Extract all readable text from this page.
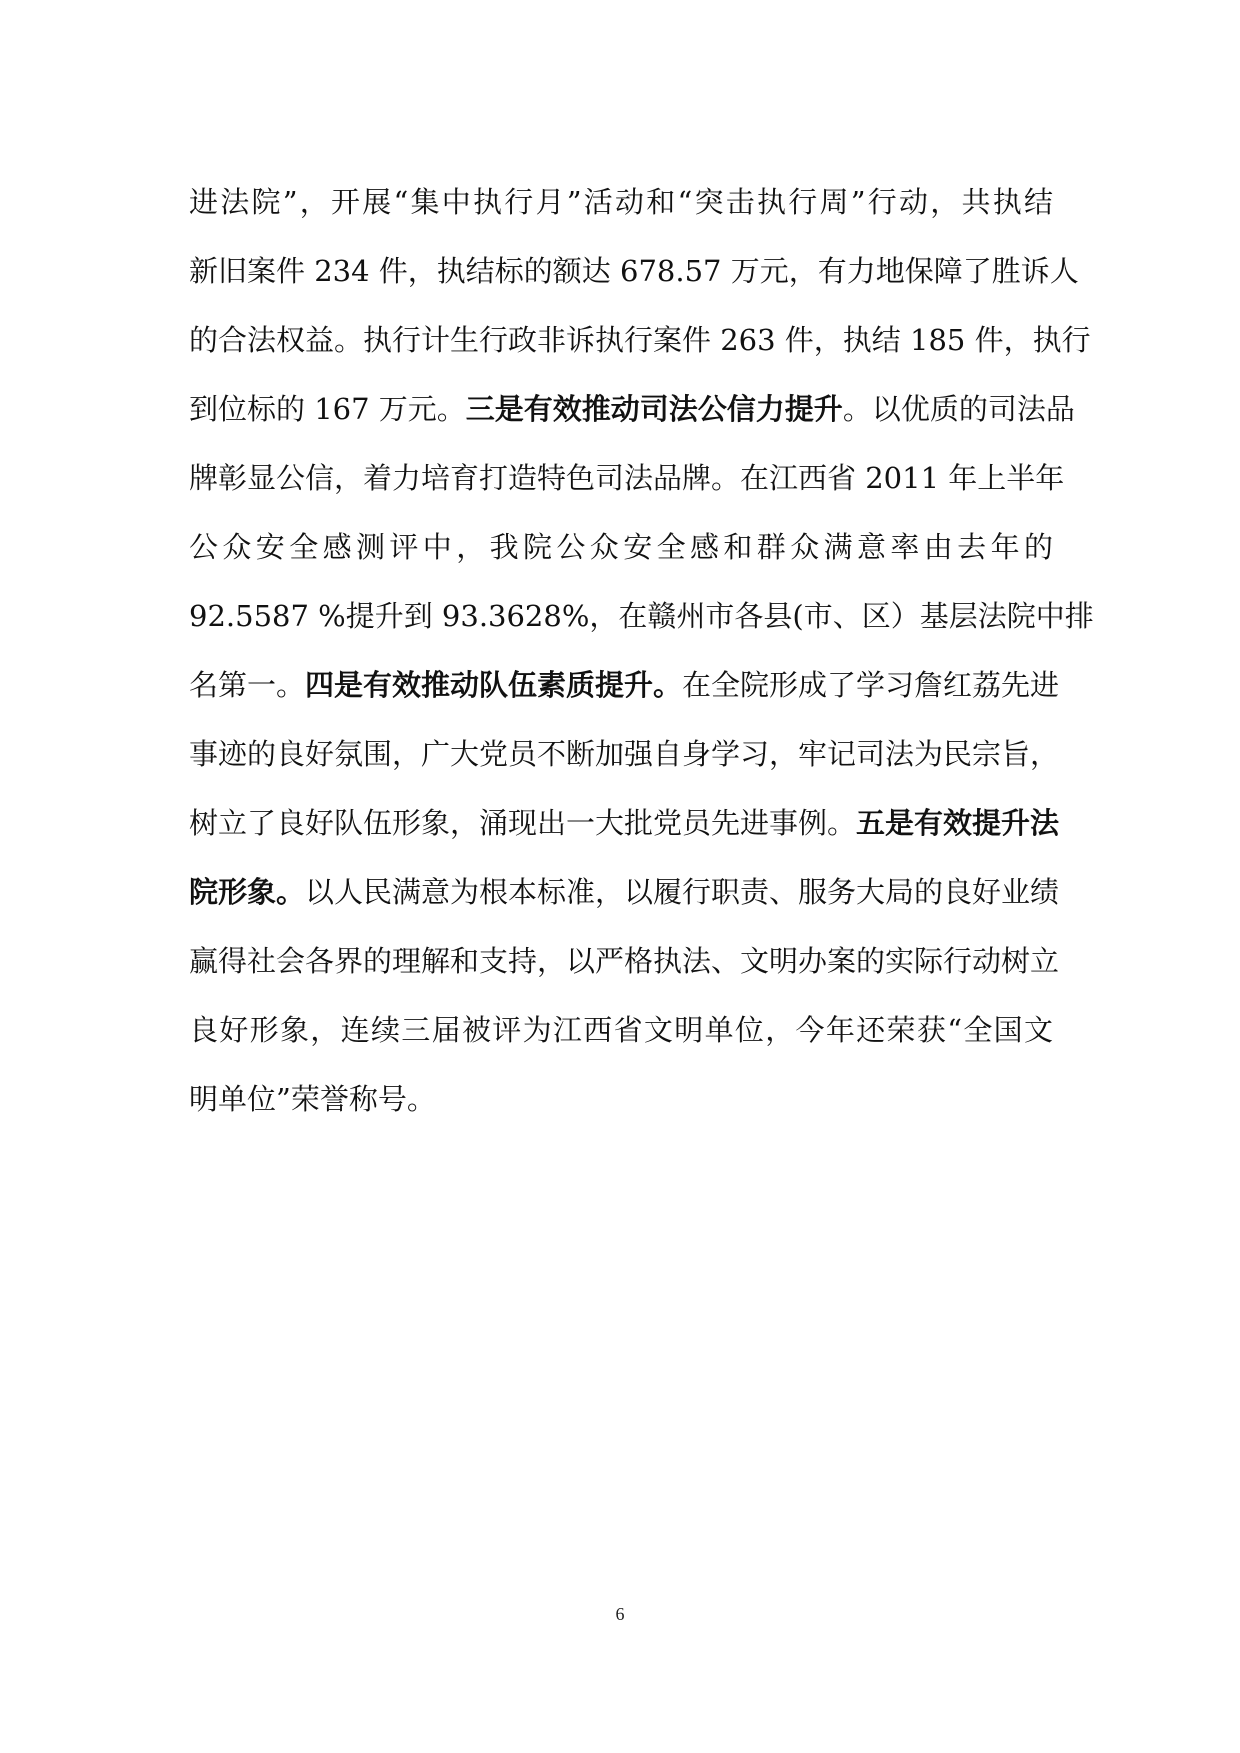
进法院”，开展“集中执行月”活动和“突击执行周”行动，共执结
新旧案件 234 件，执结标的额达 678.57 万元，有力地保障了胜诉人
的合法权益。执行计生行政非诉执行案件 263 件，执结 185 件，执行
到位标的 167 万元。三是有效推动司法公信力提升。以优质的司法品
牌彰显公信，着力培育打造特色司法品牌。在江西省 2011 年上半年
公众安全感测评中，我院公众安全感和群众满意率由去年的
92.5587 %提升到 93.3628%，在赣州市各县(市、区）基层法院中排
名第一。四是有效推动队伍素质提升。在全院形成了学习詹红荔先进
事迹的良好氛围，广大党员不断加强自身学习，牢记司法为民宗旨，
树立了良好队伍形象，涌现出一大批党员先进事例。五是有效提升法
院形象。以人民满意为根本标准，以履行职责、服务大局的良好业绩
赢得社会各界的理解和支持，以严格执法、文明办案的实际行动树立
良好形象，连续三届被评为江西省文明单位，今年还荣获“全国文
明单位”荣誉称号。
6
